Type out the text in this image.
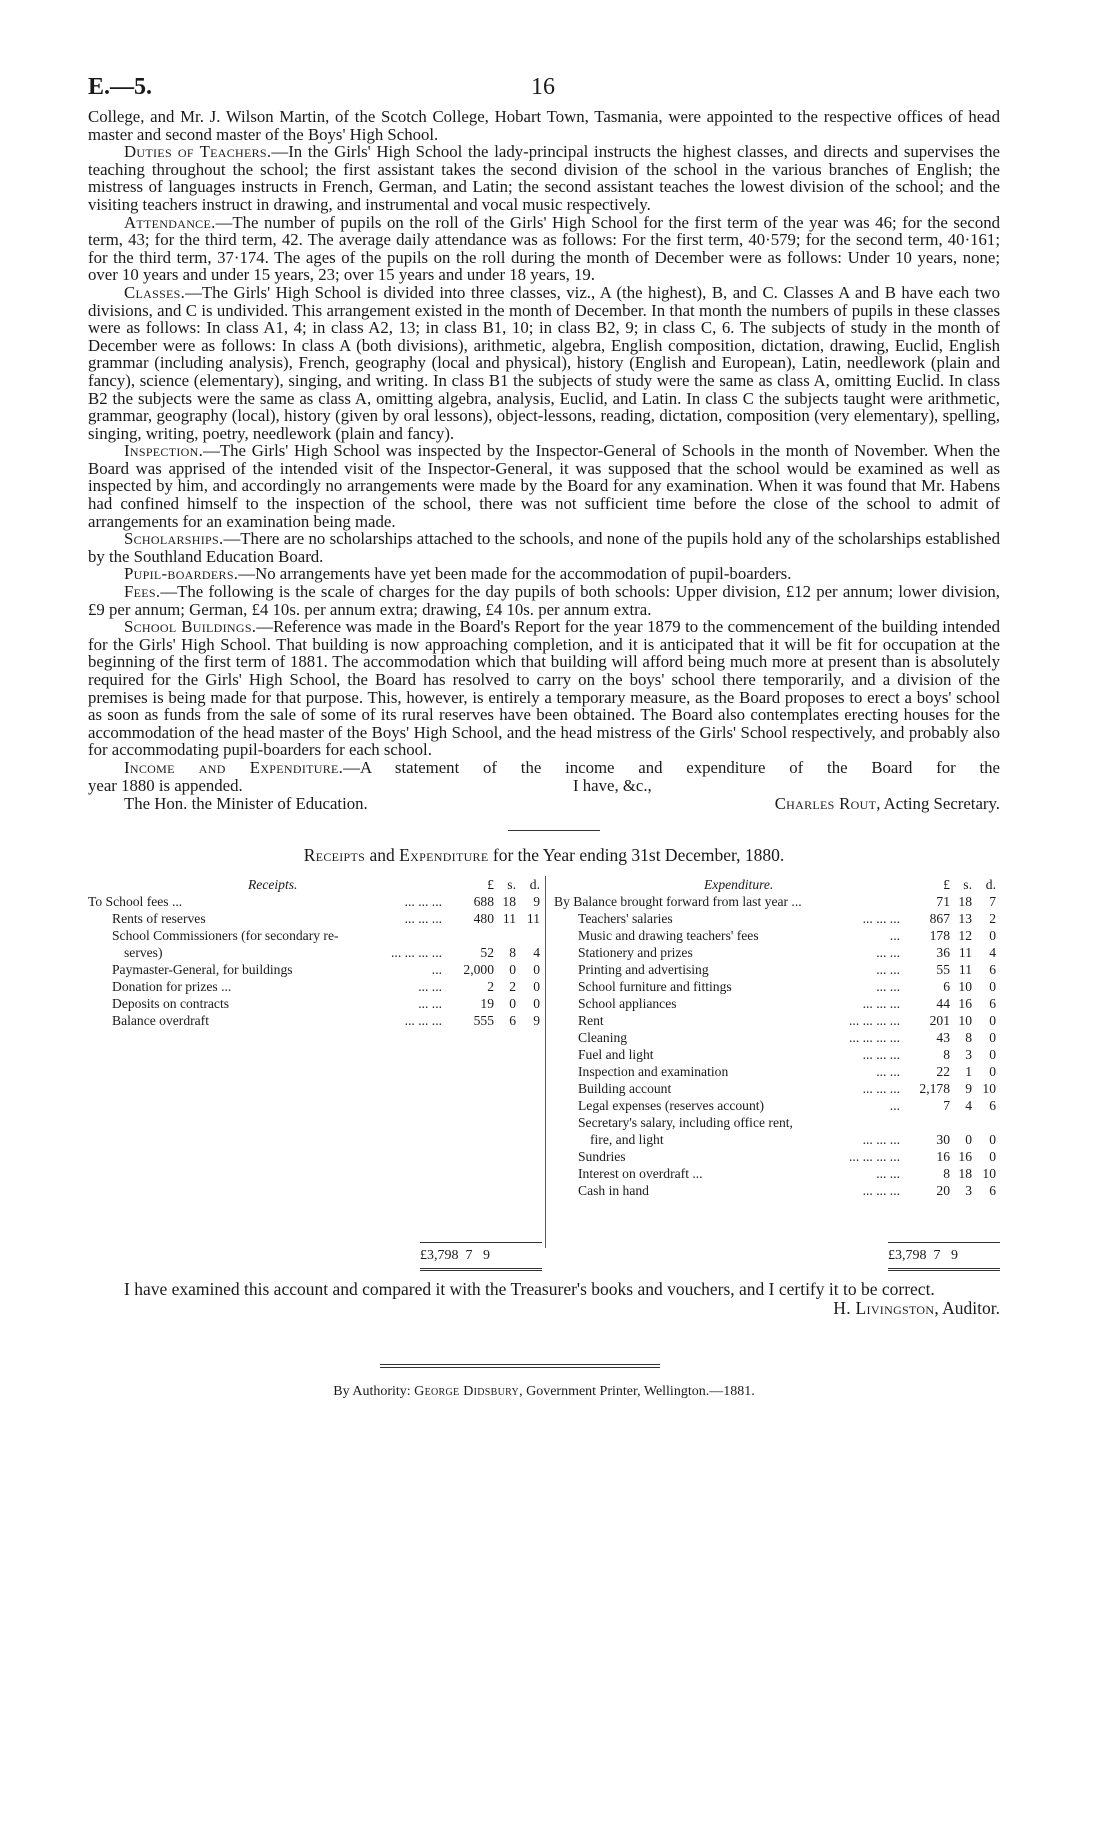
E.—5.	16

College, and Mr. J. Wilson Martin, of the Scotch College, Hobart Town, Tasmania, were appointed to the respective offices of head master and second master of the Boys' High School.

Duties of Teachers.—In the Girls' High School the lady-principal instructs the highest classes, and directs and supervises the teaching throughout the school; the first assistant takes the second division of the school in the various branches of English; the mistress of languages instructs in French, German, and Latin; the second assistant teaches the lowest division of the school; and the visiting teachers instruct in drawing, and instrumental and vocal music respectively.

Attendance.—The number of pupils on the roll of the Girls' High School for the first term of the year was 46; for the second term, 43; for the third term, 42. The average daily attendance was as follows: For the first term, 40·579; for the second term, 40·161; for the third term, 37·174. The ages of the pupils on the roll during the month of December were as follows: Under 10 years, none; over 10 years and under 15 years, 23; over 15 years and under 18 years, 19.

Classes.—The Girls' High School is divided into three classes, viz., A (the highest), B, and C. Classes A and B have each two divisions, and C is undivided. This arrangement existed in the month of December. In that month the numbers of pupils in these classes were as follows: In class A1, 4; in class A2, 13; in class B1, 10; in class B2, 9; in class C, 6. The subjects of study in the month of December were as follows: In class A (both divisions), arithmetic, algebra, English composition, dictation, drawing, Euclid, English grammar (including analysis), French, geography (local and physical), history (English and European), Latin, needlework (plain and fancy), science (elementary), singing, and writing. In class B1 the subjects of study were the same as class A, omitting Euclid. In class B2 the subjects were the same as class A, omitting algebra, analysis, Euclid, and Latin. In class C the subjects taught were arithmetic, grammar, geography (local), history (given by oral lessons), object-lessons, reading, dictation, composition (very elementary), spelling, singing, writing, poetry, needlework (plain and fancy).

Inspection.—The Girls' High School was inspected by the Inspector-General of Schools in the month of November. When the Board was apprised of the intended visit of the Inspector-General, it was supposed that the school would be examined as well as inspected by him, and accordingly no arrangements were made by the Board for any examination. When it was found that Mr. Habens had confined himself to the inspection of the school, there was not sufficient time before the close of the school to admit of arrangements for an examination being made.

Scholarships.—There are no scholarships attached to the schools, and none of the pupils hold any of the scholarships established by the Southland Education Board.

Pupil-boarders.—No arrangements have yet been made for the accommodation of pupil-boarders.

Fees.—The following is the scale of charges for the day pupils of both schools: Upper division, £12 per annum; lower division, £9 per annum; German, £4 10s. per annum extra; drawing, £4 10s. per annum extra.

School Buildings.—Reference was made in the Board's Report for the year 1879 to the commencement of the building intended for the Girls' High School. That building is now approaching completion, and it is anticipated that it will be fit for occupation at the beginning of the first term of 1881. The accommodation which that building will afford being much more at present than is absolutely required for the Girls' High School, the Board has resolved to carry on the boys' school there temporarily, and a division of the premises is being made for that purpose. This, however, is entirely a temporary measure, as the Board proposes to erect a boys' school as soon as funds from the sale of some of its rural reserves have been obtained. The Board also contemplates erecting houses for the accommodation of the head master of the Boys' High School, and the head mistress of the Girls' School respectively, and probably also for accommodating pupil-boarders for each school.

Income and Expenditure.—A statement of the income and expenditure of the Board for the

year 1880 is appended.	I have, &c.,
The Hon. the Minister of Education.	Charles Rout, Acting Secretary.
Receipts and Expenditure for the Year ending 31st December, 1880.
Receipts.	£ s.	d.
To School fees ...	688 18	9
... ... ...
Rents of reserves	480 11 11
... ... ...
School Commissioners (for secondary re-
serves)	52	8	4
... ... ... ...
Paymaster-General, for buildings	2,000	0	0
...
Donation for prizes ...	2	2	0
... ...
Deposits on contracts	19	0	0
... ...
Balance overdraft	555	6	9
... ... ...
Expenditure.	£ s.	d.
By Balance brought forward from last year ...	71 18	7
Teachers' salaries	867 13	2
... ... ...
Music and drawing teachers' fees	178 12	0
...
Stationery and prizes	36 11	4
... ...
Printing and advertising	55 11	6
... ...
School furniture and fittings	6 10	0
... ...
School appliances	44 16	6
... ... ...
Rent	201 10	0
... ... ... ...
Cleaning	43	8	0
... ... ... ...
Fuel and light	8	3	0
... ... ...
Inspection and examination	22	1	0
... ...
Building account	2,178	9 10
... ... ...
Legal expenses (reserves account)	7	4	6
...
Secretary's salary, including office rent,
fire, and light	30	0	0
... ... ...
Sundries	16 16	0
... ... ... ...
Interest on overdraft ...	8 18 10
... ...
Cash in hand	20	3	6
... ... ...
£3,798 7 9	£3,798 7 9

I have examined this account and compared it with the Treasurer's books and vouchers, and I certify it to be correct.

H. Livingston, Auditor.
By Authority: George Didsbury, Government Printer, Wellington.—1881.
